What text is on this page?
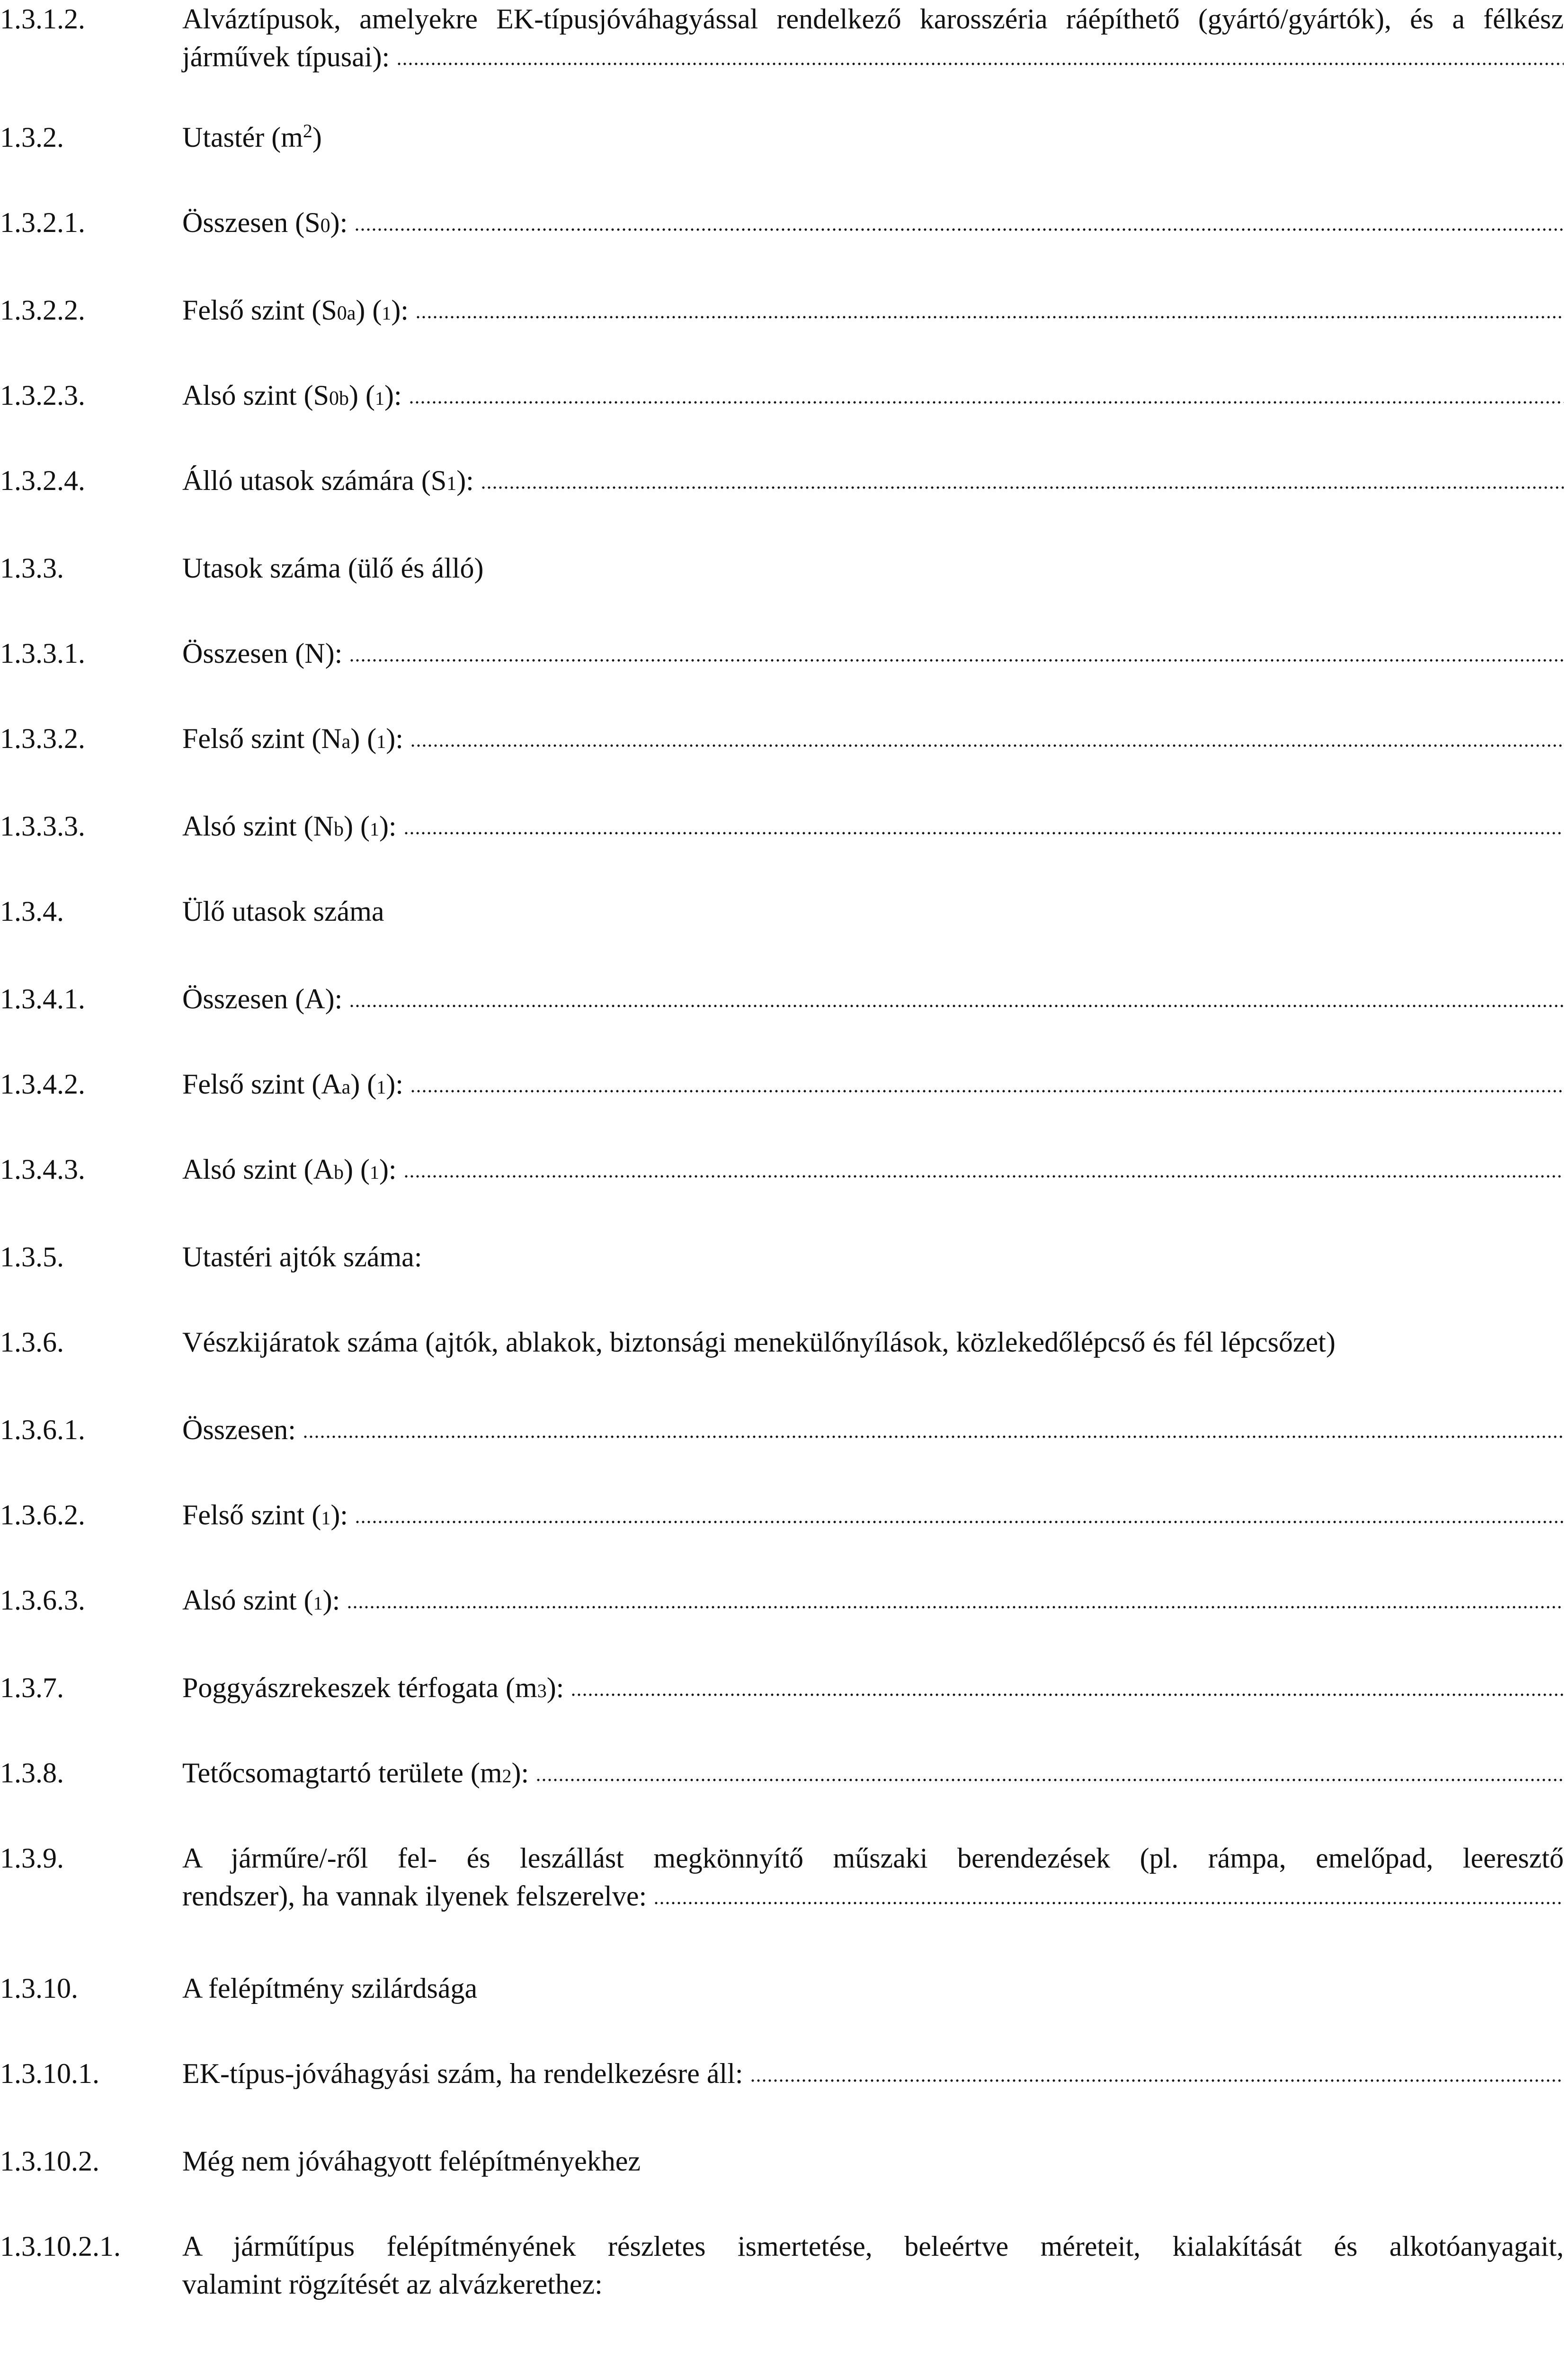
1.3.1.2.	Alváztípusok, amelyekre EK-típusjóváhagyással rendelkező karosszéria ráépíthető (gyártó/gyártók), és a félkész
járművek típusai):
1.3.2.	Utastér $(m^2)$
1.3.2.1.	Összesen (S 0 ):
1.3.2.2.	Felső szint (S 0a ) ( 1 ):
1.3.2.3.	Alsó szint (S 0b ) ( 1 ):
1.3.2.4.	Álló utasok számára (S 1 ):
1.3.3.	Utasok száma (ülő és álló)
1.3.3.1.	Összesen (N):
1.3.3.2.	Felső szint (N a ) ( 1 ):
1.3.3.3.	Alsó szint (N b ) ( 1 ):
1.3.4.	Ülő utasok száma
1.3.4.1.	Összesen (A):
1.3.4.2.	Felső szint (A a ) ( 1 ):
1.3.4.3.	Alsó szint (A b ) ( 1 ):
1.3.5.	Utastéri ajtók száma:
1.3.6.	Vészkijáratok száma (ajtók, ablakok, biztonsági menekülőnyílások, közlekedőlépcső és fél lépcsőzet)
1.3.6.1.	Összesen:
1.3.6.2.	Felső szint ( 1 ):
1.3.6.3.	Alsó szint ( 1 ):
1.3.7.	Poggyászrekeszek térfogata (m 3 ):
1.3.8.	Tetőcsomagtartó területe (m 2 ):
1.3.9.	A járműre/-ről fel- és leszállást megkönnyítő műszaki berendezések (pl. rámpa, emelőpad, leeresztő
rendszer), ha vannak ilyenek felszerelve:
1.3.10.	A felépítmény szilárdsága
1.3.10.1.	EK-típus-jóváhagyási szám, ha rendelkezésre áll:
1.3.10.2.	Még nem jóváhagyott felépítményekhez
1.3.10.2.1. A járműtípus felépítményének részletes ismertetése, beleértve méreteit, kialakítását és alkotóanyagait,
valamint rögzítését az alvázkerethez:
